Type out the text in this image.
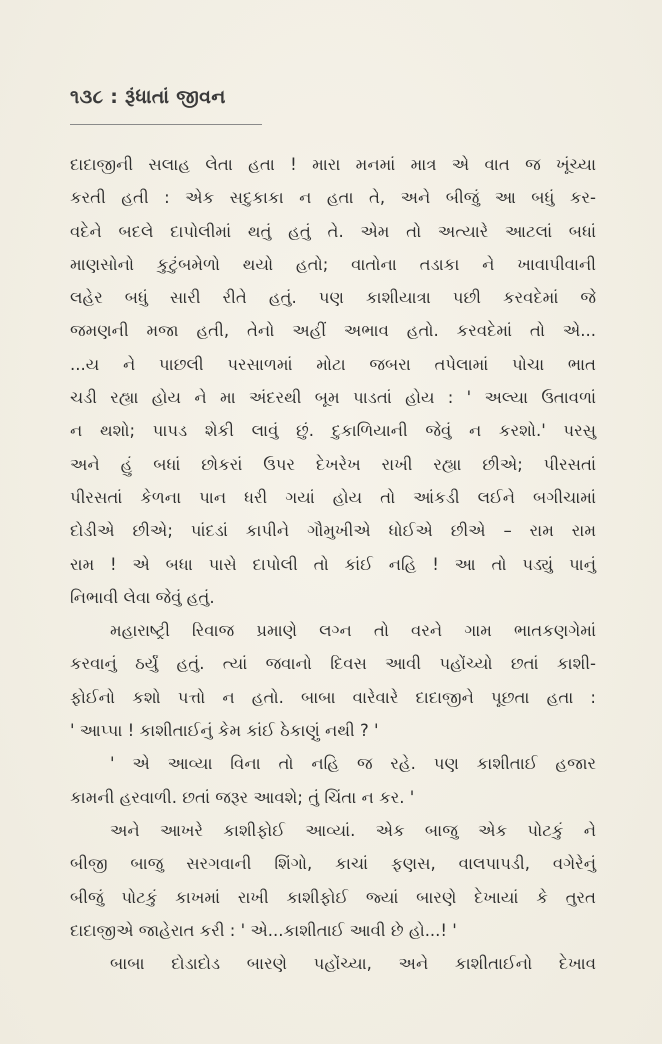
૧૩૮ : રૂંધાતાં જીવન

દાદાજીની સલાહ લેતા હતા ! મારા મનમાં માત્ર એ વાત જ ખૂંચ્યા

કરતી હતી : એક સદુકાકા ન હતા તે, અને બીજું આ બધું કર-

વદેને બદલે દાપોલીમાં થતું હતું તે. એમ તો અત્યારે આટલાં બધાં

માણસોનો કુટુંબમેળો થયો હતો; વાતોના તડાકા ને ખાવાપીવાની

લહેર બધું સારી રીતે હતું. પણ કાશીયાત્રા પછી કરવદેમાં જે

જમણની મજા હતી, તેનો અહીં અભાવ હતો. કરવદેમાં તો એ...

...ય ને પાછલી પરસાળમાં મોટા જબરા તપેલામાં પોચા ભાત

ચડી રહ્યા હોય ને મા અંદરથી બૂમ પાડતાં હોય : ' અલ્યા ઉતાવળાં

ન થશો; પાપડ શેકી લાવું છું. દુકાળિયાની જેવું ન કરશો.' પરસુ

અને હું બધાં છોકરાં ઉપર દેખરેખ રાખી રહ્યા છીએ; પીરસતાં

પીરસતાં કેળના પાન ધરી ગયાં હોય તો આંકડી લઈને બગીચામાં

દોડીએ છીએ; પાંદડાં કાપીને ગૌમુખીએ ધોઈએ છીએ – રામ રામ

રામ ! એ બધા પાસે દાપોલી તો કાંઈ નહિ ! આ તો પડ્યું પાનું

નિભાવી લેવા જેવું હતું.

મહારાષ્ટ્રી રિવાજ પ્રમાણે લગ્ન તો વરને ગામ ભાતકણગેમાં

કરવાનું ઠર્યું હતું. ત્યાં જવાનો દિવસ આવી પહોંચ્યો છતાં કાશી-

ફોઈનો કશો પત્તો ન હતો. બાબા વારેવારે દાદાજીને પૂછતા હતા :

' આપ્પા ! કાશીતાઈનું કેમ કાંઈ ઠેકાણું નથી ? '

' એ આવ્યા વિના તો નહિ જ રહે. પણ કાશીતાઈ હજાર

કામની હરવાળી. છતાં જરૂર આવશે; તું ચિંતા ન કર. '

અને આખરે કાશીફોઈ આવ્યાં. એક બાજુ એક પોટકું ને

બીજી બાજુ સરગવાની શિંગો, કાચાં ફણસ, વાલપાપડી, વગેરેનું

બીજું પોટકું કાખમાં રાખી કાશીફોઈ જ્યાં બારણે દેખાયાં કે તુરત

દાદાજીએ જાહેરાત કરી : ' એ...કાશીતાઈ આવી છે હો...! '

બાબા દોડાદોડ બારણે પહોંચ્યા, અને કાશીતાઈનો દેખાવ
